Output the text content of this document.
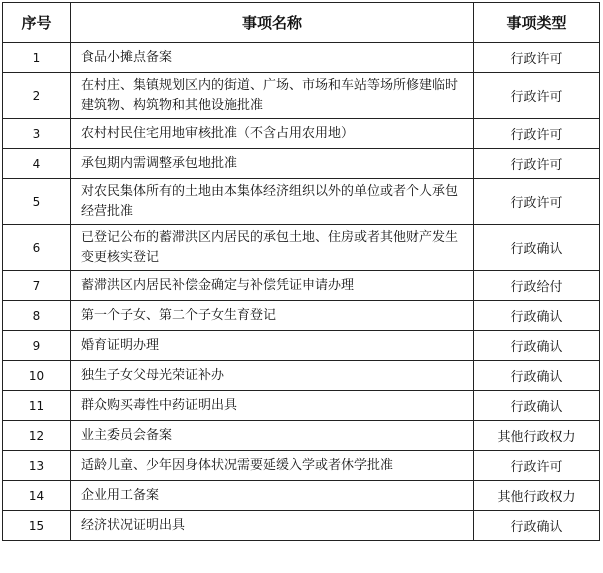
序号	事项名称	事项类型
1	食品小摊点备案	行政许可
2	在村庄、集镇规划区内的街道、广场、市场和车站等场所修建临时建筑物、构筑物和其他设施批准	行政许可
3	农村村民住宅用地审核批准（不含占用农用地）	行政许可
4	承包期内需调整承包地批准	行政许可
5	对农民集体所有的土地由本集体经济组织以外的单位或者个人承包经营批准	行政许可
6	已登记公布的蓄滞洪区内居民的承包土地、住房或者其他财产发生变更核实登记	行政确认
7	蓄滞洪区内居民补偿金确定与补偿凭证申请办理	行政给付
8	第一个子女、第二个子女生育登记	行政确认
9	婚育证明办理	行政确认
10	独生子女父母光荣证补办	行政确认
11	群众购买毒性中药证明出具	行政确认
12	业主委员会备案	其他行政权力
13	适龄儿童、少年因身体状况需要延缓入学或者休学批准	行政许可
14	企业用工备案	其他行政权力
15	经济状况证明出具	行政确认
